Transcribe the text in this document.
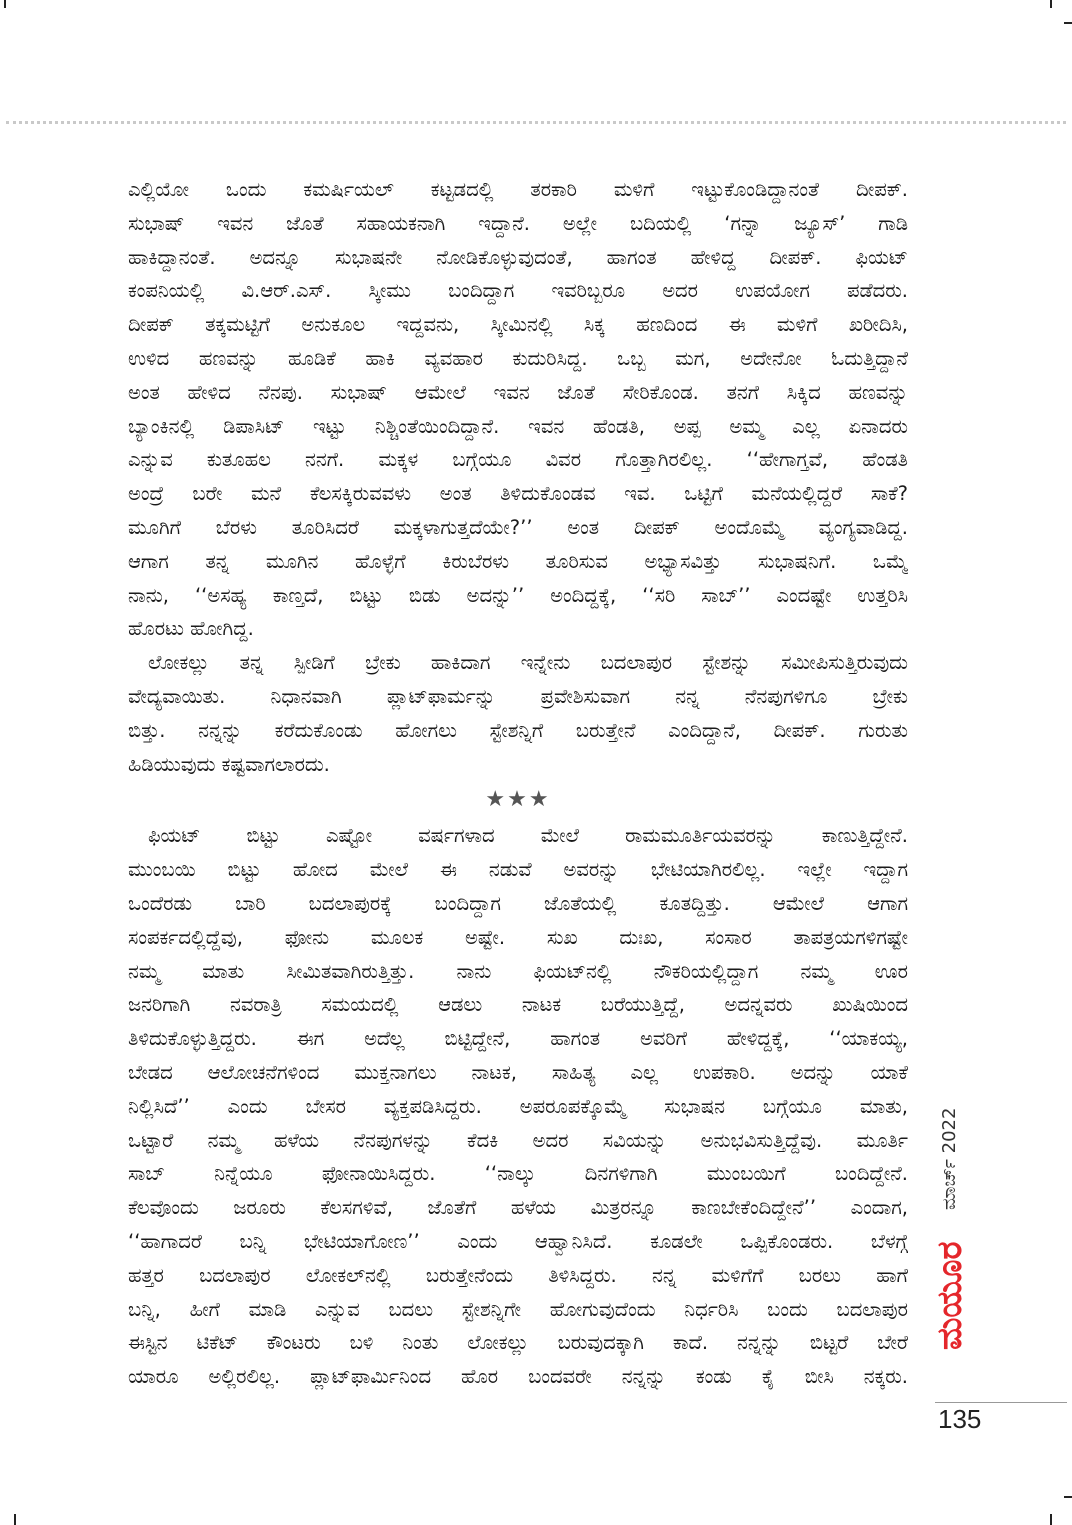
ಎಲ್ಲಿಯೋ ಒಂದು ಕಮರ್ಷಿಯಲ್ ಕಟ್ಟಡದಲ್ಲಿ ತರಕಾರಿ ಮಳಿಗೆ ಇಟ್ಟುಕೊಂಡಿದ್ದಾನಂತೆ ದೀಪಕ್.
ಸುಭಾಷ್ ಇವನ ಜೊತೆ ಸಹಾಯಕನಾಗಿ ಇದ್ದಾನೆ. ಅಲ್ಲೇ ಬದಿಯಲ್ಲಿ ‘ಗನ್ನಾ ಜ್ಯೂಸ್’ ಗಾಡಿ
ಹಾಕಿದ್ದಾನಂತೆ. ಅದನ್ನೂ ಸುಭಾಷನೇ ನೋಡಿಕೊಳ್ಳುವುದಂತೆ, ಹಾಗಂತ ಹೇಳಿದ್ದ ದೀಪಕ್. ಫಿಯಟ್
ಕಂಪನಿಯಲ್ಲಿ ವಿ.ಆರ್.ಎಸ್. ಸ್ಕೀಮು ಬಂದಿದ್ದಾಗ ಇವರಿಬ್ಬರೂ ಅದರ ಉಪಯೋಗ ಪಡೆದರು.
ದೀಪಕ್ ತಕ್ಕಮಟ್ಟಿಗೆ ಅನುಕೂಲ ಇದ್ದವನು, ಸ್ಕೀಮಿನಲ್ಲಿ ಸಿಕ್ಕ ಹಣದಿಂದ ಈ ಮಳಿಗೆ ಖರೀದಿಸಿ,
ಉಳಿದ ಹಣವನ್ನು ಹೂಡಿಕೆ ಹಾಕಿ ವ್ಯವಹಾರ ಕುದುರಿಸಿದ್ದ. ಒಬ್ಬ ಮಗ, ಅದೇನೋ ಓದುತ್ತಿದ್ದಾನೆ
ಅಂತ ಹೇಳಿದ ನೆನಪು. ಸುಭಾಷ್ ಆಮೇಲೆ ಇವನ ಜೊತೆ ಸೇರಿಕೊಂಡ. ತನಗೆ ಸಿಕ್ಕಿದ ಹಣವನ್ನು
ಬ್ಯಾಂಕಿನಲ್ಲಿ ಡಿಪಾಸಿಟ್ ಇಟ್ಟು ನಿಶ್ಚಿಂತೆಯಿಂದಿದ್ದಾನೆ. ಇವನ ಹೆಂಡತಿ, ಅಪ್ಪ ಅಮ್ಮ ಎಲ್ಲ ಏನಾದರು
ಎನ್ನುವ ಕುತೂಹಲ ನನಗೆ. ಮಕ್ಕಳ ಬಗ್ಗೆಯೂ ವಿವರ ಗೊತ್ತಾಗಿರಲಿಲ್ಲ. ‘‘ಹೇಗಾಗ್ತವೆ, ಹೆಂಡತಿ
ಅಂದ್ರೆ ಬರೇ ಮನೆ ಕೆಲಸಕ್ಕಿರುವವಳು ಅಂತ ತಿಳಿದುಕೊಂಡವ ಇವ. ಒಟ್ಟಿಗೆ ಮನೆಯಲ್ಲಿದ್ದರೆ ಸಾಕೆ?
ಮೂಗಿಗೆ ಬೆರಳು ತೂರಿಸಿದರೆ ಮಕ್ಕಳಾಗುತ್ತದೆಯೇ?’’ ಅಂತ ದೀಪಕ್ ಅಂದೊಮ್ಮೆ ವ್ಯಂಗ್ಯವಾಡಿದ್ದ.
ಆಗಾಗ ತನ್ನ ಮೂಗಿನ ಹೊಳ್ಳೆಗೆ ಕಿರುಬೆರಳು ತೂರಿಸುವ ಅಭ್ಯಾಸವಿತ್ತು ಸುಭಾಷನಿಗೆ. ಒಮ್ಮೆ
ನಾನು, ‘‘ಅಸಹ್ಯ ಕಾಣ್ತದೆ, ಬಿಟ್ಟು ಬಿಡು ಅದನ್ನು’’ ಅಂದಿದ್ದಕ್ಕೆ, ‘‘ಸರಿ ಸಾಬ್’’ ಎಂದಷ್ಟೇ ಉತ್ತರಿಸಿ
ಹೊರಟು ಹೋಗಿದ್ದ.
ಲೋಕಲ್ಲು ತನ್ನ ಸ್ಪೀಡಿಗೆ ಬ್ರೇಕು ಹಾಕಿದಾಗ ಇನ್ನೇನು ಬದಲಾಪುರ ಸ್ಟೇಶನ್ನು ಸಮೀಪಿಸುತ್ತಿರುವುದು
ವೇದ್ಯವಾಯಿತು. ನಿಧಾನವಾಗಿ ಪ್ಲಾಟ್‌ಫಾರ್ಮನ್ನು ಪ್ರವೇಶಿಸುವಾಗ ನನ್ನ ನೆನಪುಗಳಿಗೂ ಬ್ರೇಕು
ಬಿತ್ತು. ನನ್ನನ್ನು ಕರೆದುಕೊಂಡು ಹೋಗಲು ಸ್ಟೇಶನ್ನಿಗೆ ಬರುತ್ತೇನೆ ಎಂದಿದ್ದಾನೆ, ದೀಪಕ್. ಗುರುತು
ಹಿಡಿಯುವುದು ಕಷ್ಟವಾಗಲಾರದು.
★★★
ಫಿಯಟ್ ಬಿಟ್ಟು ಎಷ್ಟೋ ವರ್ಷಗಳಾದ ಮೇಲೆ ರಾಮಮೂರ್ತಿಯವರನ್ನು ಕಾಣುತ್ತಿದ್ದೇನೆ.
ಮುಂಬಯಿ ಬಿಟ್ಟು ಹೋದ ಮೇಲೆ ಈ ನಡುವೆ ಅವರನ್ನು ಭೇಟಿಯಾಗಿರಲಿಲ್ಲ. ಇಲ್ಲೇ ಇದ್ದಾಗ
ಒಂದೆರಡು ಬಾರಿ ಬದಲಾಪುರಕ್ಕೆ ಬಂದಿದ್ದಾಗ ಜೊತೆಯಲ್ಲಿ ಕೂತದ್ದಿತ್ತು. ಆಮೇಲೆ ಆಗಾಗ
ಸಂಪರ್ಕದಲ್ಲಿದ್ದೆವು, ಫೋನು ಮೂಲಕ ಅಷ್ಟೇ. ಸುಖ ದುಃಖ, ಸಂಸಾರ ತಾಪತ್ರಯಗಳಿಗಷ್ಟೇ
ನಮ್ಮ ಮಾತು ಸೀಮಿತವಾಗಿರುತ್ತಿತ್ತು. ನಾನು ಫಿಯಟ್‌ನಲ್ಲಿ ನೌಕರಿಯಲ್ಲಿದ್ದಾಗ ನಮ್ಮ ಊರ
ಜನರಿಗಾಗಿ ನವರಾತ್ರಿ ಸಮಯದಲ್ಲಿ ಆಡಲು ನಾಟಕ ಬರೆಯುತ್ತಿದ್ದೆ, ಅದನ್ನವರು ಖುಷಿಯಿಂದ
ತಿಳಿದುಕೊಳ್ಳುತ್ತಿದ್ದರು. ಈಗ ಅದೆಲ್ಲ ಬಿಟ್ಟಿದ್ದೇನೆ, ಹಾಗಂತ ಅವರಿಗೆ ಹೇಳಿದ್ದಕ್ಕೆ, ‘‘ಯಾಕಯ್ಯ,
ಬೇಡದ ಆಲೋಚನೆಗಳಿಂದ ಮುಕ್ತನಾಗಲು ನಾಟಕ, ಸಾಹಿತ್ಯ ಎಲ್ಲ ಉಪಕಾರಿ. ಅದನ್ನು ಯಾಕೆ
ನಿಲ್ಲಿಸಿದೆ’’ ಎಂದು ಬೇಸರ ವ್ಯಕ್ತಪಡಿಸಿದ್ದರು. ಅಪರೂಪಕ್ಕೊಮ್ಮೆ ಸುಭಾಷನ ಬಗ್ಗೆಯೂ ಮಾತು,
ಒಟ್ಟಾರೆ ನಮ್ಮ ಹಳೆಯ ನೆನಪುಗಳನ್ನು ಕೆದಕಿ ಅದರ ಸವಿಯನ್ನು ಅನುಭವಿಸುತ್ತಿದ್ದೆವು. ಮೂರ್ತಿ
ಸಾಬ್ ನಿನ್ನೆಯೂ ಫೋನಾಯಿಸಿದ್ದರು. ‘‘ನಾಲ್ಕು ದಿನಗಳಿಗಾಗಿ ಮುಂಬಯಿಗೆ ಬಂದಿದ್ದೇನೆ.
ಕೆಲವೊಂದು ಜರೂರು ಕೆಲಸಗಳಿವೆ, ಜೊತೆಗೆ ಹಳೆಯ ಮಿತ್ರರನ್ನೂ ಕಾಣಬೇಕೆಂದಿದ್ದೇನೆ’’ ಎಂದಾಗ,
‘‘ಹಾಗಾದರೆ ಬನ್ನಿ ಭೇಟಿಯಾಗೋಣ’’ ಎಂದು ಆಹ್ವಾನಿಸಿದೆ. ಕೂಡಲೇ ಒಪ್ಪಿಕೊಂಡರು. ಬೆಳಗ್ಗೆ
ಹತ್ತರ ಬದಲಾಪುರ ಲೋಕಲ್‌ನಲ್ಲಿ ಬರುತ್ತೇನೆಂದು ತಿಳಿಸಿದ್ದರು. ನನ್ನ ಮಳಿಗೆಗೆ ಬರಲು ಹಾಗೆ
ಬನ್ನಿ, ಹೀಗೆ ಮಾಡಿ ಎನ್ನುವ ಬದಲು ಸ್ಟೇಶನ್ನಿಗೇ ಹೋಗುವುದೆಂದು ನಿರ್ಧರಿಸಿ ಬಂದು ಬದಲಾಪುರ
ಈಸ್ಟಿನ ಟಿಕೆಟ್ ಕೌಂಟರು ಬಳಿ ನಿಂತು ಲೋಕಲ್ಲು ಬರುವುದಕ್ಕಾಗಿ ಕಾದೆ. ನನ್ನನ್ನು ಬಿಟ್ಟರೆ ಬೇರೆ
ಯಾರೂ ಅಲ್ಲಿರಲಿಲ್ಲ. ಪ್ಲಾಟ್‌ಫಾರ್ಮಿನಿಂದ ಹೊರ ಬಂದವರೇ ನನ್ನನ್ನು ಕಂಡು ಕೈ ಬೀಸಿ ನಕ್ಕರು.
ಮಾರ್ಚ್ 2022
ಮಯೂರ
135
